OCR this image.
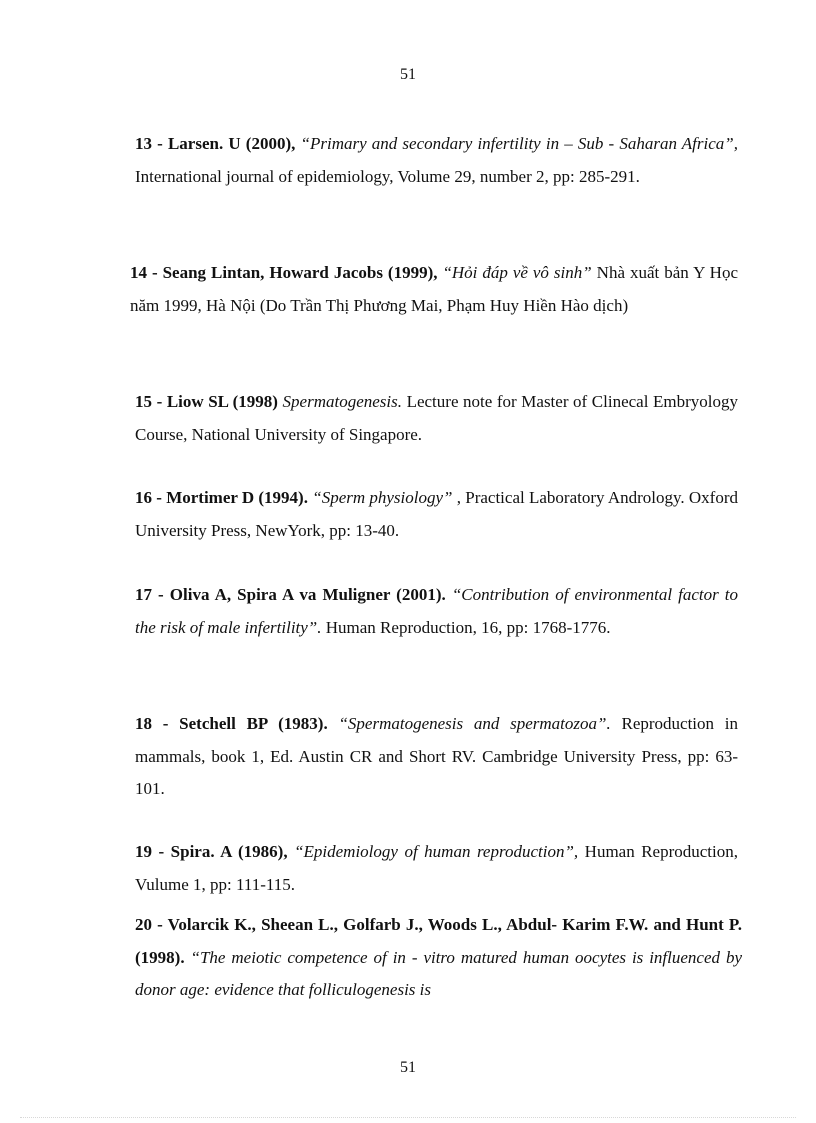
51
13 - Larsen. U (2000), “Primary and secondary infertility in – Sub - Saharan Africa”, International journal of epidemiology, Volume 29, number 2, pp: 285-291.
14 - Seang Lintan, Howard Jacobs (1999), “Hỏi đáp về vô sinh” Nhà xuất bản Y Học năm 1999, Hà Nội (Do Trần Thị Phương Mai, Phạm Huy Hiền Hào dịch)
15 - Liow SL (1998) Spermatogenesis. Lecture note for Master of Clinecal Embryology Course, National University of Singapore.
16 - Mortimer D (1994). “Sperm physiology” , Practical Laboratory Andrology. Oxford University Press, NewYork, pp: 13-40.
17 - Oliva A, Spira A va Muligner (2001). “Contribution of environmental factor to the risk of male infertility”. Human Reproduction, 16, pp: 1768-1776.
18 - Setchell BP (1983). “Spermatogenesis and spermatozoa”. Reproduction in mammals, book 1, Ed. Austin CR and Short RV. Cambridge University Press, pp: 63-101.
19 - Spira. A (1986), “Epidemiology of human reproduction”, Human Reproduction, Vulume 1, pp: 111-115.
20 - Volarcik K., Sheean L., Golfarb J., Woods L., Abdul- Karim F.W. and Hunt P. (1998). “The meiotic competence of in - vitro matured human oocytes is influenced by donor age: evidence that folliculogenesis is
51
